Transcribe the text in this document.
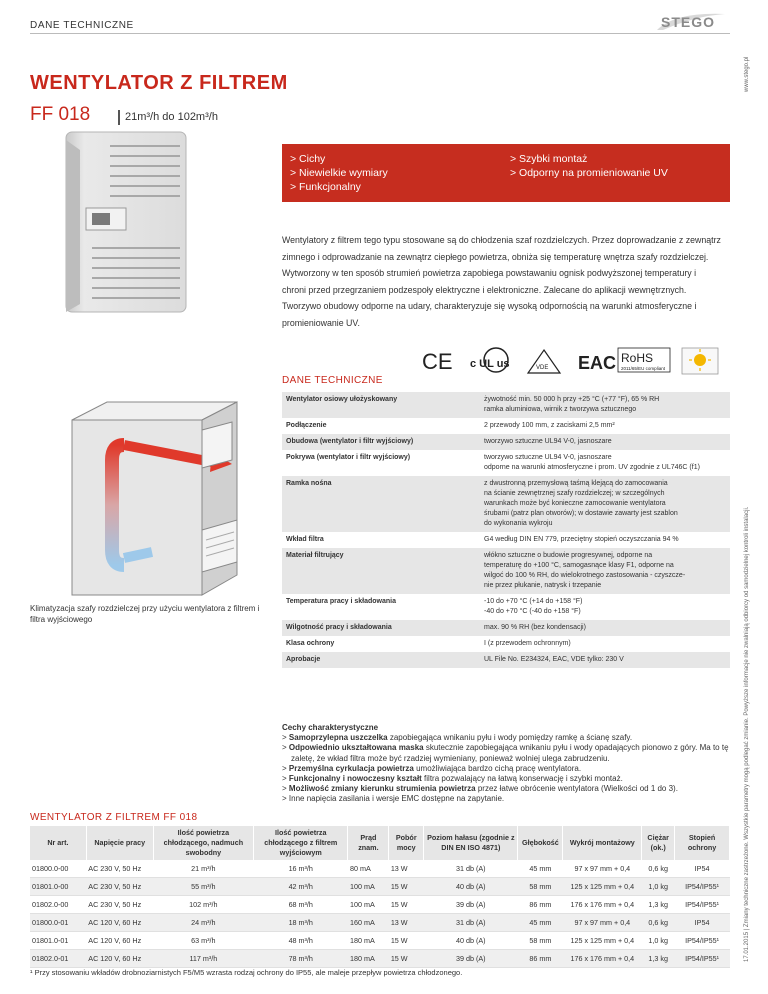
DANE TECHNICZNE	STEGO
www.stego.pl
17.01.2015 | Zmiany techniczne zastrzeżone. Wszystkie parametry mogą podlegać zmianie. Powyższe informacje nie zwalniają odbiorcy od samodzielnej kontroli instalacji.
WENTYLATOR Z FILTREM
FF 018	21m³/h do 102m³/h
> Cichy
> Niewielkie wymiary
> Funkcjonalny
> Szybki montaż
> Odporny na promieniowanie UV
Wentylatory z filtrem tego typu stosowane są do chłodzenia szaf rozdzielczych. Przez doprowadzanie z zewnątrz zimnego i odprowadzanie na zewnątrz ciepłego powietrza, obniża się temperaturę wnętrza szafy rozdzielczej. Wytworzony w ten sposób strumień powietrza zapobiega powstawaniu ognisk podwyższonej temperatury i chroni przed przegrzaniem podzespoły elektryczne i elektroniczne. Zalecane do aplikacji wewnętrznych. Tworzywo obudowy odporne na udary, charakteryzuje się wysoką odpornością na warunki atmosferyczne i promieniowanie UV.
CE c UL us	VDE EAC RoHS
2011/65/EU compliant
DANE TECHNICZNE
Wentylator osiowy ułożyskowany	żywotność min. 50 000 h przy +25 °C (+77 °F), 65 % RH
ramka aluminiowa, wirnik z tworzywa sztucznego

Podłączenie	2 przewody 100 mm, z zaciskami 2,5 mm²

Obudowa (wentylator i filtr wyjściowy)	tworzywo sztuczne UL94 V-0, jasnoszare

Pokrywa (wentylator i filtr wyjściowy)	tworzywo sztuczne UL94 V-0, jasnoszare
odporne na warunki atmosferyczne i prom. UV zgodnie z UL746C (f1)

Ramka nośna	z dwustronną przemysłową taśmą klejącą do zamocowania
na ścianie zewnętrznej szafy rozdzielczej; w szczególnych
warunkach może być konieczne zamocowanie wentylatora
śrubami (patrz plan otworów); w dostawie zawarty jest szablon
do wykonania wykroju

Wkład filtra	G4 według DIN EN 779, przeciętny stopień oczyszczania 94 %

Materiał filtrujący	włókno sztuczne o budowie progresywnej, odporne na
temperaturę do +100 °C, samogasnące klasy F1, odporne na
wilgoć do 100 % RH, do wielokrotnego zastosowania - czyszcze-
nie przez płukanie, natrysk i trzepanie

Temperatura pracy i składowania	-10 do +70 °C (+14 do +158 °F)
-40 do +70 °C (-40 do +158 °F)

Wilgotność pracy i składowania	max. 90 % RH (bez kondensacji)

Klasa ochrony	I (z przewodem ochronnym)

Aprobacje	UL File No. E234324, EAC, VDE tylko: 230 V
Klimatyzacja szafy rozdzielczej przy użyciu wentylatora z filtrem i filtra wyjściowego
Cechy charakterystyczne
> Samoprzylepna uszczelka zapobiegająca wnikaniu pyłu i wody pomiędzy ramkę a ścianę szafy.
> Odpowiednio ukształtowana maska skutecznie zapobiegająca wnikaniu pyłu i wody opadających pionowo z góry. Ma to tę
zaletę, że wkład filtra może być rzadziej wymieniany, ponieważ wolniej ulega zabrudzeniu.
> Przemyślna cyrkulacja powietrza umożliwiająca bardzo cichą pracę wentylatora.
> Funkcjonalny i nowoczesny kształt filtra pozwalający na łatwą konserwację i szybki montaż.
> Możliwość zmiany kierunku strumienia powietrza przez łatwe obrócenie wentylatora (Wielkości od 1 do 3).
> Inne napięcia zasilania i wersje EMC dostępne na zapytanie.
WENTYLATOR Z FILTREM FF 018
Nr art.	Napięcie pracy	Ilość powietrza chłodzącego, nadmuch swobodny	Ilość powietrza chłodzącego z filtrem wyjściowym	Prąd znam.	Pobór mocy	Poziom hałasu (zgodnie z DIN EN ISO 4871)	Głębokość	Wykrój montażowy	Ciężar (ok.)	Stopień ochrony
01800.0-00	AC 230 V, 50 Hz	21 m³/h	16 m³/h	80 mA	13 W	31 db (A)	45 mm	97 x 97 mm + 0,4	0,6 kg	IP54
01801.0-00	AC 230 V, 50 Hz	55 m³/h	42 m³/h	100 mA	15 W	40 db (A)	58 mm	125 x 125 mm + 0,4	1,0 kg	IP54/IP55¹
01802.0-00	AC 230 V, 50 Hz	102 m³/h	68 m³/h	100 mA	15 W	39 db (A)	86 mm	176 x 176 mm + 0,4	1,3 kg	IP54/IP55¹
01800.0-01	AC 120 V, 60 Hz	24 m³/h	18 m³/h	160 mA	13 W	31 db (A)	45 mm	97 x 97 mm + 0,4	0,6 kg	IP54
01801.0-01	AC 120 V, 60 Hz	63 m³/h	48 m³/h	180 mA	15 W	40 db (A)	58 mm	125 x 125 mm + 0,4	1,0 kg	IP54/IP55¹
01802.0-01	AC 120 V, 60 Hz	117 m³/h	78 m³/h	180 mA	15 W	39 db (A)	86 mm	176 x 176 mm + 0,4	1,3 kg	IP54/IP55¹
¹ Przy stosowaniu wkładów drobnoziarnistych F5/M5 wzrasta rodzaj ochrony do IP55, ale maleje przepływ powietrza chłodzonego.
